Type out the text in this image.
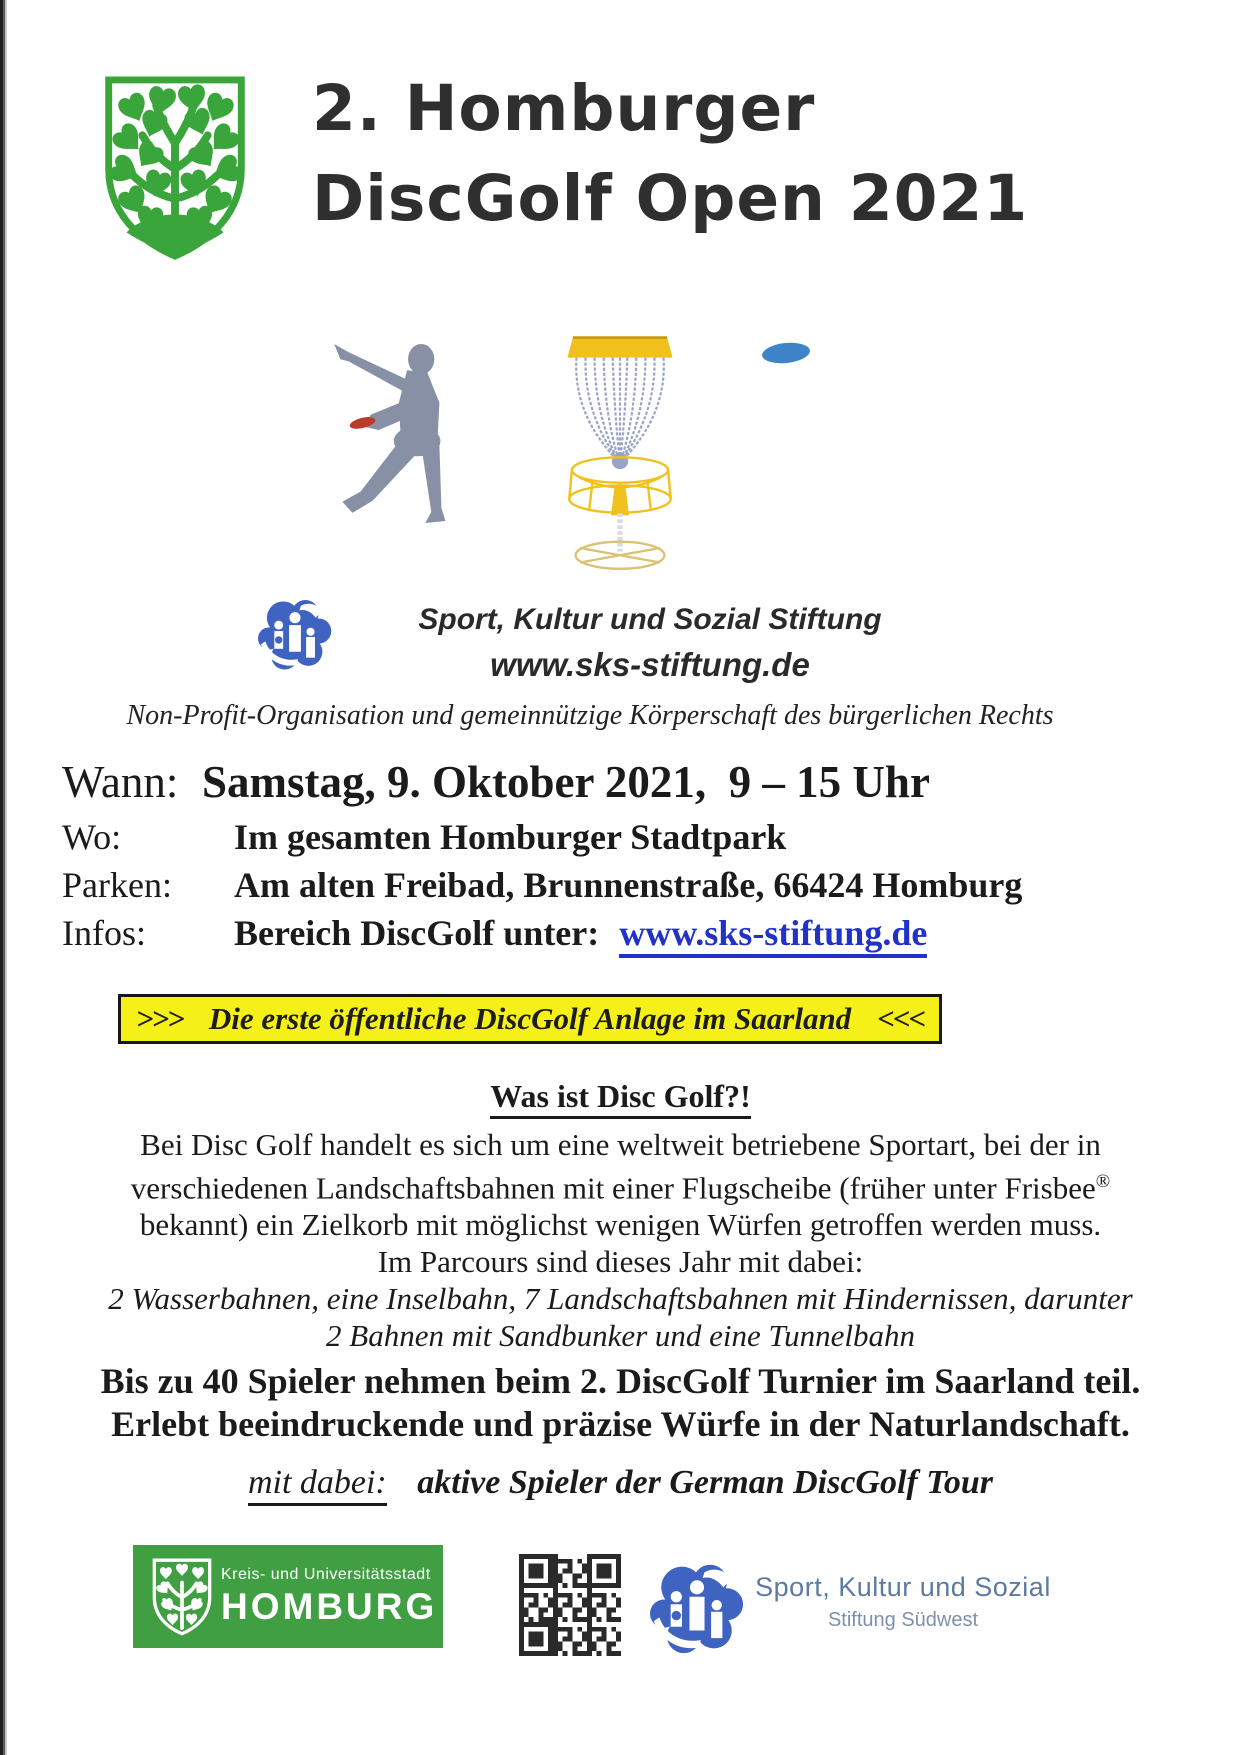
2. Homburger
DiscGolf Open 2021
Sport, Kultur und Sozial Stiftung
www.sks-stiftung.de
Non-Profit-Organisation und gemeinnützige Körperschaft des bürgerlichen Rechts
Wann: Samstag, 9. Oktober 2021,  9 – 15 Uhr
Wo:	Im gesamten Homburger Stadtpark
Parken:	Am alten Freibad, Brunnenstraße, 66424 Homburg
Infos:	Bereich DiscGolf unter: www.sks-stiftung.de
>>> Die erste öffentliche DiscGolf Anlage im Saarland <<<
Was ist Disc Golf?!
Bei Disc Golf handelt es sich um eine weltweit betriebene Sportart, bei der in
verschiedenen Landschaftsbahnen mit einer Flugscheibe (früher unter Frisbee®
bekannt) ein Zielkorb mit möglichst wenigen Würfen getroffen werden muss.
Im Parcours sind dieses Jahr mit dabei:
2 Wasserbahnen, eine Inselbahn, 7 Landschaftsbahnen mit Hindernissen, darunter
2 Bahnen mit Sandbunker und eine Tunnelbahn
Bis zu 40 Spieler nehmen beim 2. DiscGolf Turnier im Saarland teil.
Erlebt beeindruckende und präzise Würfe in der Naturlandschaft.
mit dabei: aktive Spieler der German DiscGolf Tour
Kreis- und Universitätsstadt
HOMBURG	Sport, Kultur und Sozial
Stiftung Südwest
